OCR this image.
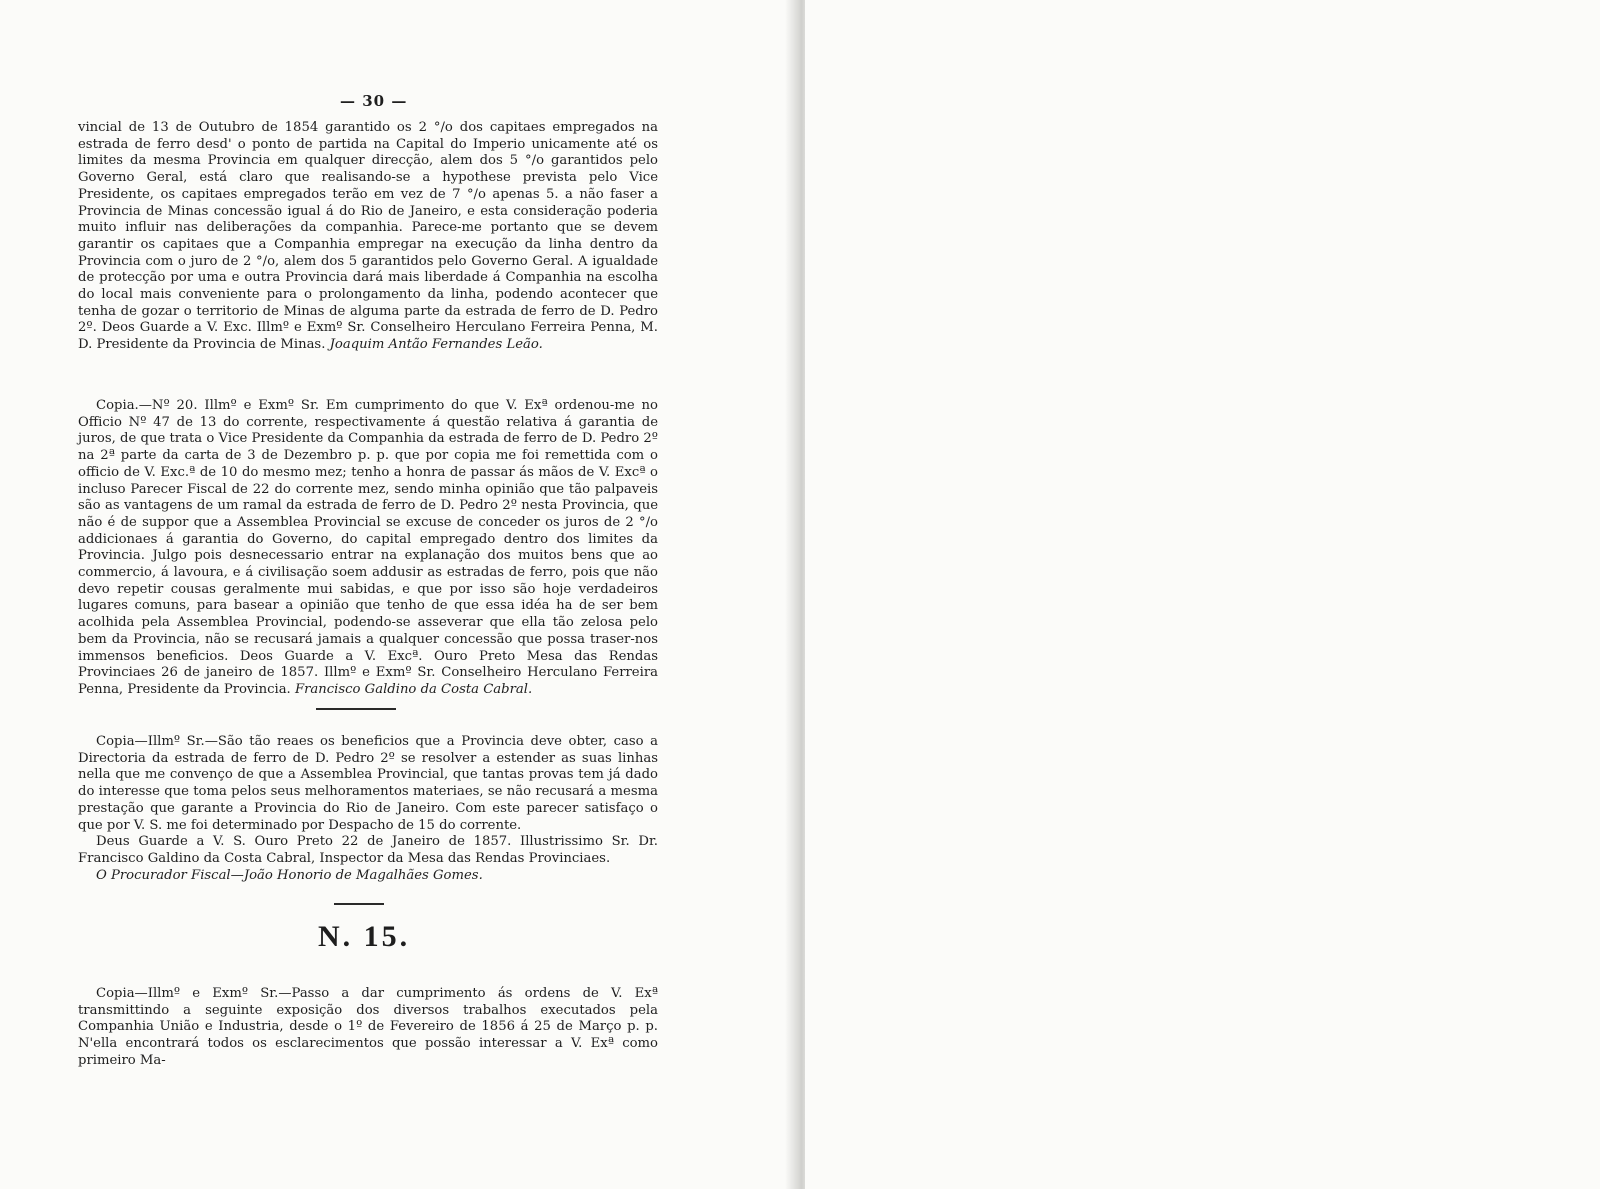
— 30 —

vincial de 13 de Outubro de 1854 garantido os 2 °/o dos capitaes empregados na estrada de ferro desd' o ponto de partida na Capital do Imperio unicamente até os limites da mesma Provincia em qualquer direcção, alem dos 5 °/o garantidos pelo Governo Geral, está claro que realisando-se a hypothese prevista pelo Vice Presidente, os capitaes empregados terão em vez de 7 °/o apenas 5. a não faser a Provincia de Minas concessão igual á do Rio de Janeiro, e esta consideração poderia muito influir nas deliberações da companhia. Parece-me portanto que se devem garantir os capitaes que a Companhia empregar na execução da linha dentro da Provincia com o juro de 2 °/o, alem dos 5 garantidos pelo Governo Geral. A igualdade de protecção por uma e outra Provincia dará mais liberdade á Companhia na escolha do local mais conveniente para o prolongamento da linha, podendo acontecer que tenha de gozar o territorio de Minas de alguma parte da estrada de ferro de D. Pedro 2º. Deos Guarde a V. Exc. Illmº e Exmº Sr. Conselheiro Herculano Ferreira Penna, M. D. Presidente da Provincia de Minas. Joaquim Antão Fernandes Leão.

Copia.—Nº 20. Illmº e Exmº Sr. Em cumprimento do que V. Exª ordenou-me no Officio Nº 47 de 13 do corrente, respectivamente á questão relativa á garantia de juros, de que trata o Vice Presidente da Companhia da estrada de ferro de D. Pedro 2º na 2ª parte da carta de 3 de Dezembro p. p. que por copia me foi remettida com o officio de V. Exc.ª de 10 do mesmo mez; tenho a honra de passar ás mãos de V. Excª o incluso Parecer Fiscal de 22 do corrente mez, sendo minha opinião que tão palpaveis são as vantagens de um ramal da estrada de ferro de D. Pedro 2º nesta Provincia, que não é de suppor que a Assemblea Provincial se excuse de conceder os juros de 2 °/o addicionaes á garantia do Governo, do capital empregado dentro dos limites da Provincia. Julgo pois desnecessario entrar na explanação dos muitos bens que ao commercio, á lavoura, e á civilisação soem addusir as estradas de ferro, pois que não devo repetir cousas geralmente mui sabidas, e que por isso são hoje verdadeiros lugares comuns, para basear a opinião que tenho de que essa idéa ha de ser bem acolhida pela Assemblea Provincial, podendo-se asseverar que ella tão zelosa pelo bem da Provincia, não se recusará jamais a qualquer concessão que possa traser-nos immensos beneficios. Deos Guarde a V. Excª. Ouro Preto Mesa das Rendas Provinciaes 26 de janeiro de 1857. Illmº e Exmº Sr. Conselheiro Herculano Ferreira Penna, Presidente da Provincia. Francisco Galdino da Costa Cabral.

Copia—Illmº Sr.—São tão reaes os beneficios que a Provincia deve obter, caso a Directoria da estrada de ferro de D. Pedro 2º se resolver a estender as suas linhas nella que me convenço de que a Assemblea Provincial, que tantas provas tem já dado do interesse que toma pelos seus melhoramentos materiaes, se não recusará a mesma prestação que garante a Provincia do Rio de Janeiro. Com este parecer satisfaço o que por V. S. me foi determinado por Despacho de 15 do corrente.

Deus Guarde a V. S. Ouro Preto 22 de Janeiro de 1857. Illustrissimo Sr. Dr. Francisco Galdino da Costa Cabral, Inspector da Mesa das Rendas Provinciaes.

O Procurador Fiscal—João Honorio de Magalhães Gomes.

N. 15.

Copia—Illmº e Exmº Sr.—Passo a dar cumprimento ás ordens de V. Exª transmittindo a seguinte exposição dos diversos trabalhos executados pela Companhia União e Industria, desde o 1º de Fevereiro de 1856 á 25 de Março p. p. N'ella encontrará todos os esclarecimentos que possão interessar a V. Exª como primeiro Ma-
